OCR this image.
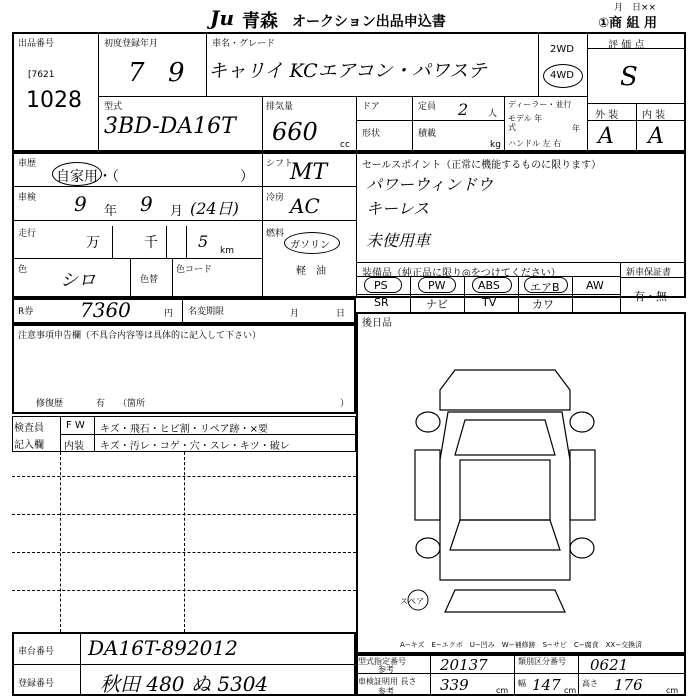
Ju 青森 オークション出品申込書
月　日××
①商 組 用
出品番号
[7621
1028
初度登録年月
7 9
車名・グレード
キャリイ KCエアコン・パワステ
2WD
4WD
評 価 点
S
外 装 内 装
A A
型式
3BD-DA16T
排気量
660 cc
ドア	定員 2 人
形状	積載
kg
ディーラー・並行
モデル 年 式	年
ハンドル 左 右
車歴
自家用・（	）
シフト
MT
車検 9 年 9 月 (24日)
冷房 AC
走行
万	千	5 km
燃料
ガソリン
軽　油
色 シロ	色替
色コード
セールスポイント（正常に機能するものに限ります）
パワーウィンドウ
キーレス
未使用車
装備品（純正品に限り◎をつけてください）
PS	PW	ABS	エアB AW
SR	ナビ	TV	カワ
新車保証書
有・無
R券 7360	円 名変期限	月	日
注意事項申告欄（不具合内容等は具体的に記入して下さい）
修復歴	有 （箇所	）
後日品
検査員
記入欄
F W キズ・飛石・ヒビ割・リペア跡・×要
内装 キズ・汚レ・コゲ・穴・スレ・キツ・破レ
スペア
A−キズ　E−エクボ　U−凹み　W−補修跡　S−サビ　C−腐食　XX−交換済
車台番号 DA16T-892012
登録番号 秋田 480 ぬ 5304
型式指定番号
参考	20137	類別区分番号 0621
車検証明用 長さ
参考	339	cm
幅 147 cm
高さ 176	cm
